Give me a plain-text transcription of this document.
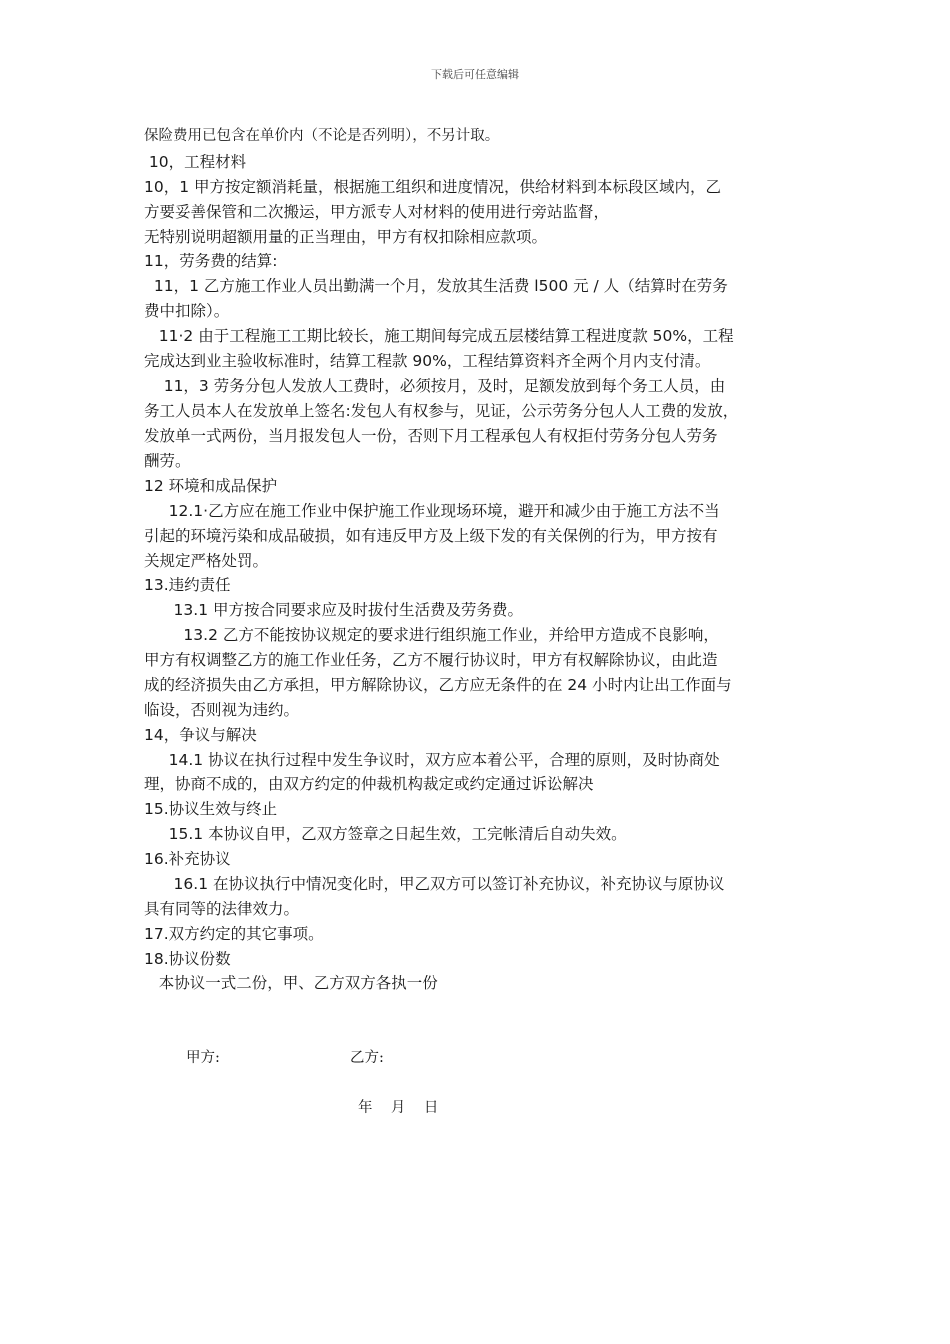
下载后可任意编辑
保险费用已包含在单价内（不论是否列明），不另计取。
10，工程材料
10，1 甲方按定额消耗量，根据施工组织和进度情况，供给材料到本标段区域内，乙
方要妥善保管和二次搬运，甲方派专人对材料的使用进行旁站监督，
无特别说明超额用量的正当理由，甲方有权扣除相应款项。
11，劳务费的结算:
11，1 乙方施工作业人员出勤满一个月，发放其生活费 l500 元 / 人（结算时在劳务
费中扣除）。
11·2 由于工程施工工期比较长，施工期间每完成五层楼结算工程进度款 50%，工程
完成达到业主验收标准时，结算工程款 90%，工程结算资料齐全两个月内支付清。
11，3 劳务分包人发放人工费时，必须按月，及时，足额发放到每个务工人员，由
务工人员本人在发放单上签名:发包人有权参与，见证，公示劳务分包人人工费的发放，
发放单一式两份，当月报发包人一份，否则下月工程承包人有权拒付劳务分包人劳务
酬劳。
12 环境和成品保护
12.1·乙方应在施工作业中保护施工作业现场环境，避开和减少由于施工方法不当
引起的环境污染和成品破损，如有违反甲方及上级下发的有关保例的行为，甲方按有
关规定严格处罚。
13.违约责任
13.1 甲方按合同要求应及时拔付生活费及劳务费。
13.2 乙方不能按协议规定的要求进行组织施工作业，并给甲方造成不良影响，
甲方有权调整乙方的施工作业任务，乙方不履行协议时，甲方有权解除协议，由此造
成的经济损失由乙方承担，甲方解除协议，乙方应无条件的在 24 小时内让出工作面与
临设，否则视为违约。
14，争议与解决
14.1 协议在执行过程中发生争议时，双方应本着公平，合理的原则，及时协商处
理，协商不成的，由双方约定的仲裁机构裁定或约定通过诉讼解决
15.协议生效与终止
15.1 本协议自甲，乙双方签章之日起生效，工完帐清后自动失效。
16.补充协议
16.1 在协议执行中情况变化时，甲乙双方可以签订补充协议，补充协议与原协议
具有同等的法律效力。
17.双方约定的其它事项。
18.协议份数
本协议一式二份，甲、乙方双方各执一份
甲方:	乙方:
年    月    日
